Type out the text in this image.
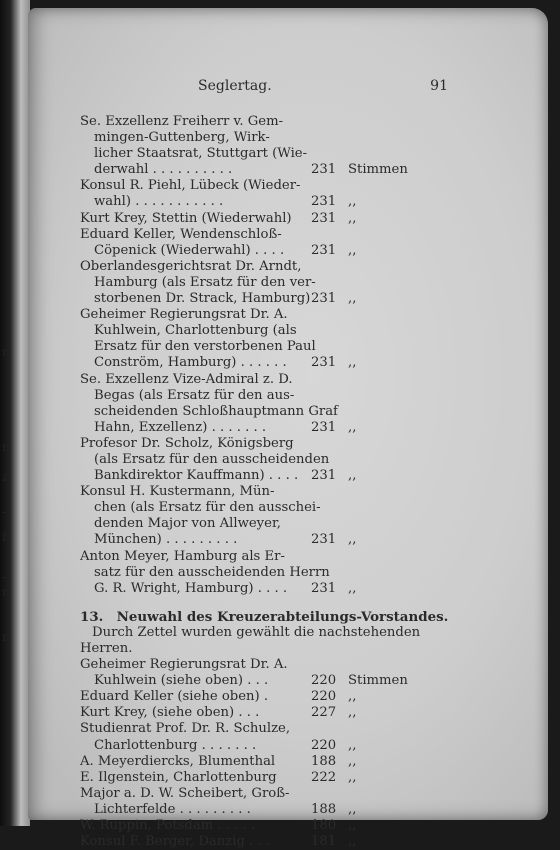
n
n
z
-
f,
-
n
n
Seglertag.	91
Se. Exzellenz Freiherr v. Gem-
mingen-Guttenberg, Wirk-
licher Staatsrat, Stuttgart (Wie-
derwahl . . . . . . . . . .	231 Stimmen
Konsul R. Piehl, Lübeck (Wieder-
wahl) . . . . . . . . . . .	231 ,,
Kurt Krey, Stettin (Wiederwahl)	231 ,,
Eduard Keller, Wendenschloß-
Cöpenick (Wiederwahl) . . . .	231 ,,
Oberlandesgerichtsrat Dr. Arndt,
Hamburg (als Ersatz für den ver-
storbenen Dr. Strack, Hamburg) 231 ,,
Geheimer Regierungsrat Dr. A.
Kuhlwein, Charlottenburg (als
Ersatz für den verstorbenen Paul
Conström, Hamburg) . . . . . .	231 ,,
Se. Exzellenz Vize-Admiral z. D.
Begas (als Ersatz für den aus-
scheidenden Schloßhauptmann Graf
Hahn, Exzellenz) . . . . . . .	231 ,,
Profesor Dr. Scholz, Königsberg
(als Ersatz für den ausscheidenden
Bankdirektor Kauffmann) . . . . 231 ,,
Konsul H. Kustermann, Mün-
chen (als Ersatz für den ausschei-
denden Major von Allweyer,
München) . . . . . . . . .	231 ,,
Anton Meyer, Hamburg als Er-
satz für den ausscheidenden Herrn
G. R. Wright, Hamburg) . . . .	231 ,,
13. Neuwahl des Kreuzerabteilungs-Vorstandes.
Durch Zettel wurden gewählt die nachstehenden
Herren.
Geheimer Regierungsrat Dr. A.
Kuhlwein (siehe oben) . . .	220 Stimmen
Eduard Keller (siehe oben) .	220 ,,
Kurt Krey, (siehe oben) . . .	227 ,,
Studienrat Prof. Dr. R. Schulze,
Charlottenburg . . . . . . .	220 ,,
A. Meyerdiercks, Blumenthal	188 ,,
E. Ilgenstein, Charlottenburg	222 ,,
Major a. D. W. Scheibert, Groß-
Lichterfelde . . . . . . . . .	188 ,,
W. Ruppin, Potsdam . . . . .	180 ,,
Konsul F. Berger, Danzig . . .	181 ,,
